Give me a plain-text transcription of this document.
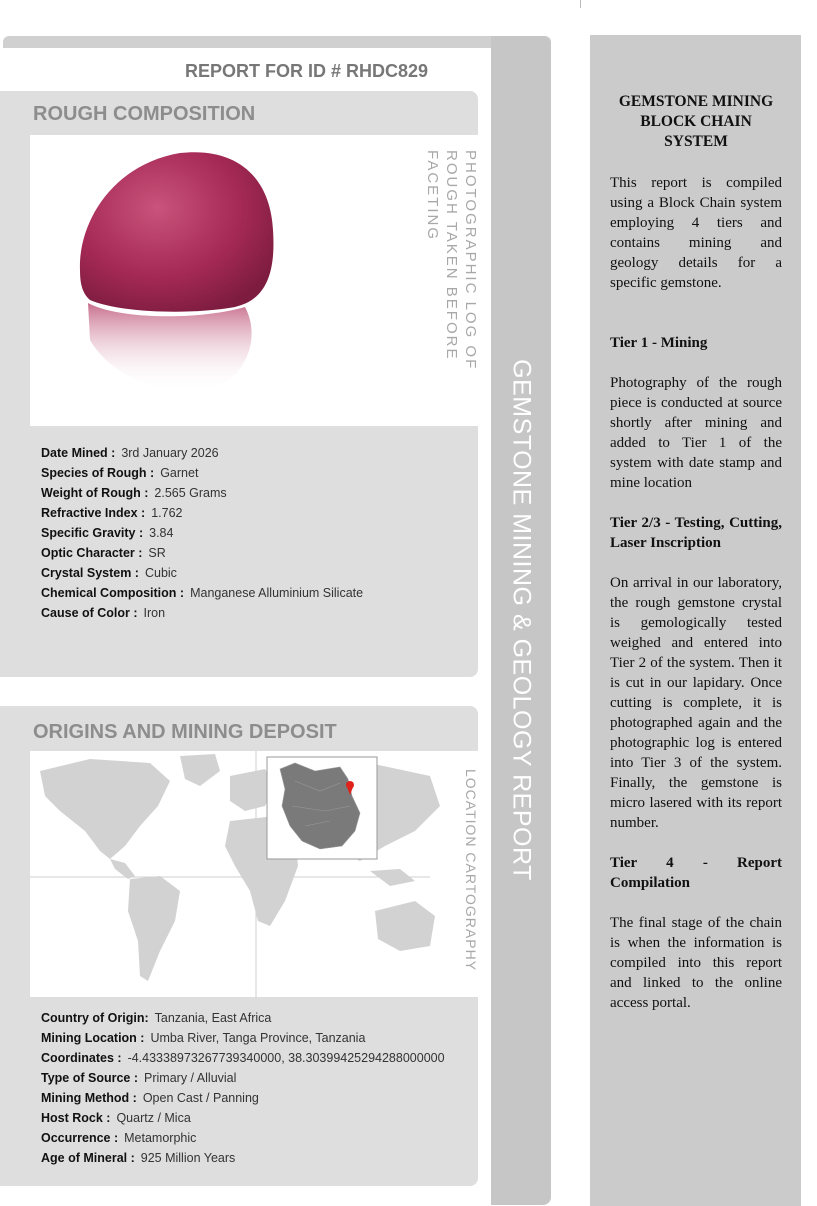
REPORT FOR ID # RHDC829
ROUGH COMPOSITION
Date Mined : 3rd January 2026
Species of Rough : Garnet
Weight of Rough : 2.565 Grams
Refractive Index : 1.762
Specific Gravity : 3.84
Optic Character : SR
Crystal System : Cubic
Chemical Composition : Manganese Alluminium Silicate
Cause of Color : Iron
PHOTOGRAPHIC LOG OF ROUGH TAKEN BEFORE FACETING
ORIGINS AND MINING DEPOSIT
Country of Origin: Tanzania, East Africa
Mining Location : Umba River, Tanga Province, Tanzania
Coordinates : -4.43338973267739340000, 38.30399425294288000000
Type of Source : Primary / Alluvial
Mining Method : Open Cast / Panning
Host Rock : Quartz / Mica
Occurrence : Metamorphic
Age of Mineral : 925 Million Years
LOCATION CARTOGRAPHY GEMSTONE MINING & GEOLOGY REPORT
GEMSTONE MINING BLOCK CHAIN SYSTEM

This report is compiled using a Block Chain system employing 4 tiers and contains mining and geology details for a specific gemstone.

Tier 1 - Mining

Photography of the rough piece is conducted at source shortly after mining and added to Tier 1 of the system with date stamp and mine location

Tier 2/3 - Testing, Cutting, Laser Inscription

On arrival in our laboratory, the rough gemstone crystal is gemologically tested weighed and entered into Tier 2 of the system. Then it is cut in our lapidary. Once cutting is complete, it is photographed again and the photographic log is entered into Tier 3 of the system. Finally, the gemstone is micro lasered with its report number.

Tier 4 - Report Compilation

The final stage of the chain is when the information is compiled into this report and linked to the online access portal.
